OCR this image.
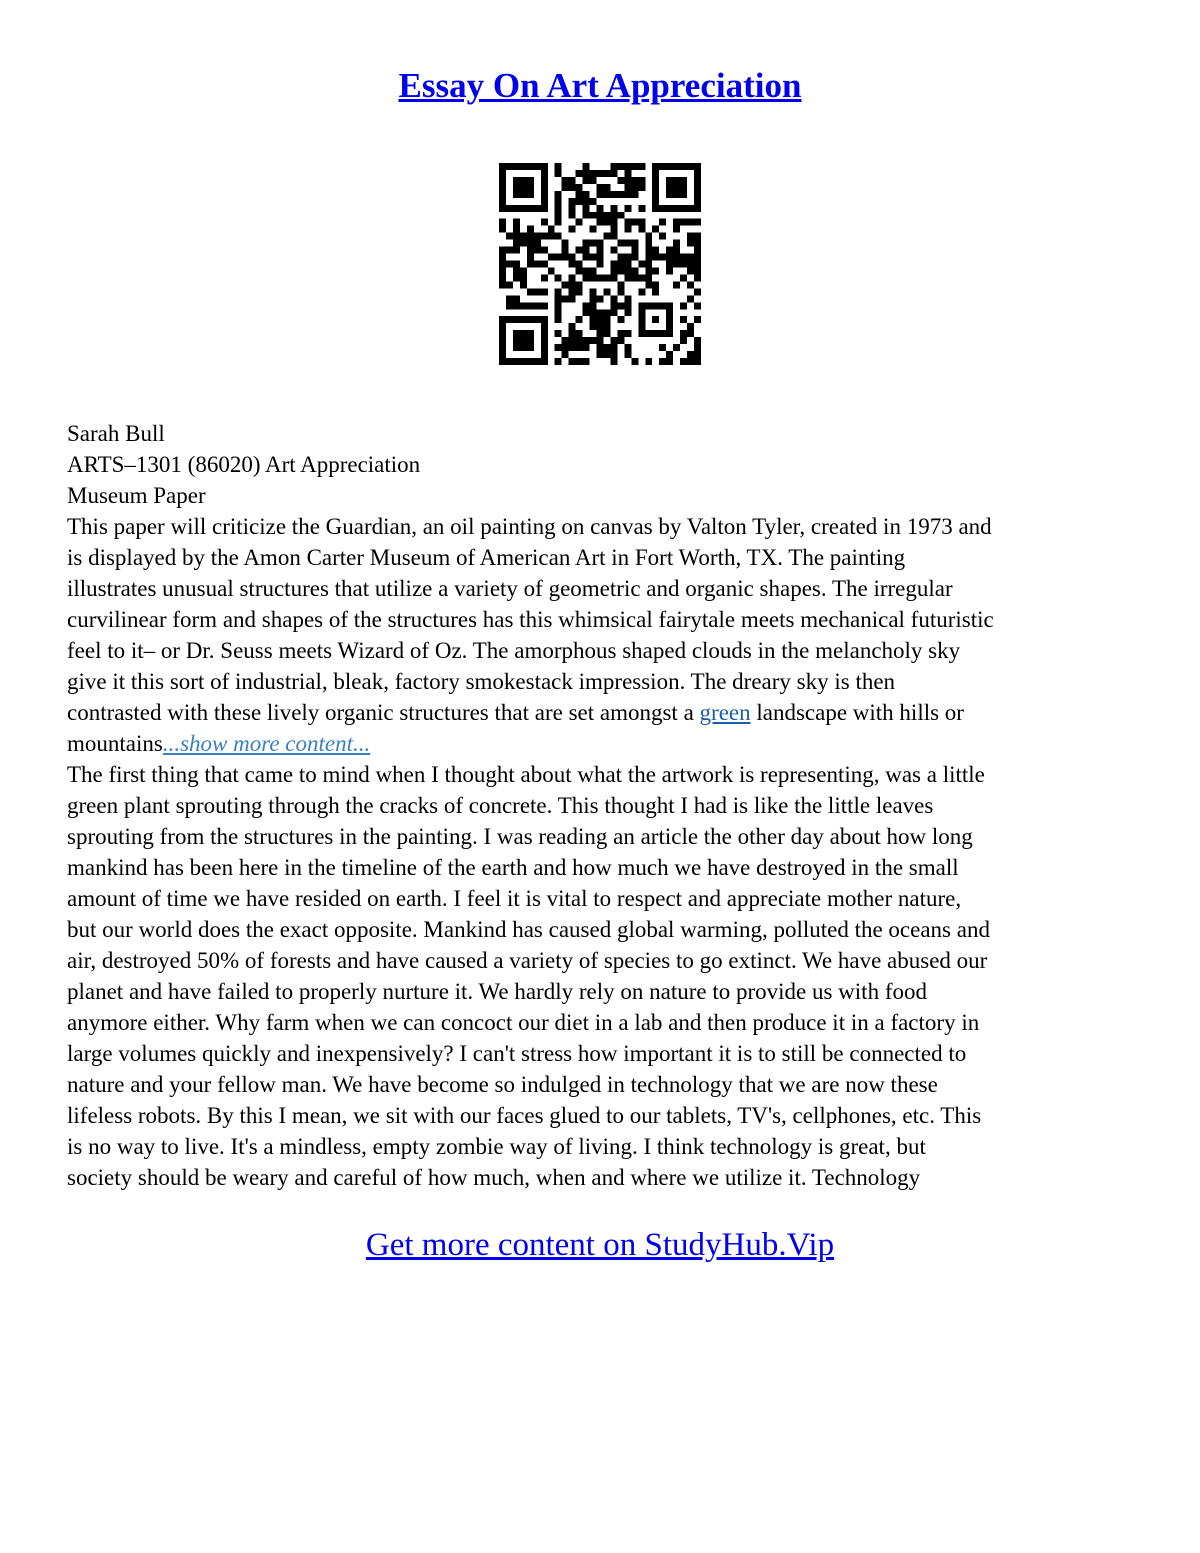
Essay On Art Appreciation
Sarah Bull
ARTS–1301 (86020) Art Appreciation
Museum Paper
This paper will criticize the Guardian, an oil painting on canvas by Valton Tyler, created in 1973 and
is displayed by the Amon Carter Museum of American Art in Fort Worth, TX. The painting
illustrates unusual structures that utilize a variety of geometric and organic shapes. The irregular
curvilinear form and shapes of the structures has this whimsical fairytale meets mechanical futuristic
feel to it– or Dr. Seuss meets Wizard of Oz. The amorphous shaped clouds in the melancholy sky
give it this sort of industrial, bleak, factory smokestack impression. The dreary sky is then
contrasted with these lively organic structures that are set amongst a green landscape with hills or
mountains...show more content...
The first thing that came to mind when I thought about what the artwork is representing, was a little
green plant sprouting through the cracks of concrete. This thought I had is like the little leaves
sprouting from the structures in the painting. I was reading an article the other day about how long
mankind has been here in the timeline of the earth and how much we have destroyed in the small
amount of time we have resided on earth. I feel it is vital to respect and appreciate mother nature,
but our world does the exact opposite. Mankind has caused global warming, polluted the oceans and
air, destroyed 50% of forests and have caused a variety of species to go extinct. We have abused our
planet and have failed to properly nurture it. We hardly rely on nature to provide us with food
anymore either. Why farm when we can concoct our diet in a lab and then produce it in a factory in
large volumes quickly and inexpensively? I can't stress how important it is to still be connected to
nature and your fellow man. We have become so indulged in technology that we are now these
lifeless robots. By this I mean, we sit with our faces glued to our tablets, TV's, cellphones, etc. This
is no way to live. It's a mindless, empty zombie way of living. I think technology is great, but
society should be weary and careful of how much, when and where we utilize it. Technology
Get more content on StudyHub.Vip
